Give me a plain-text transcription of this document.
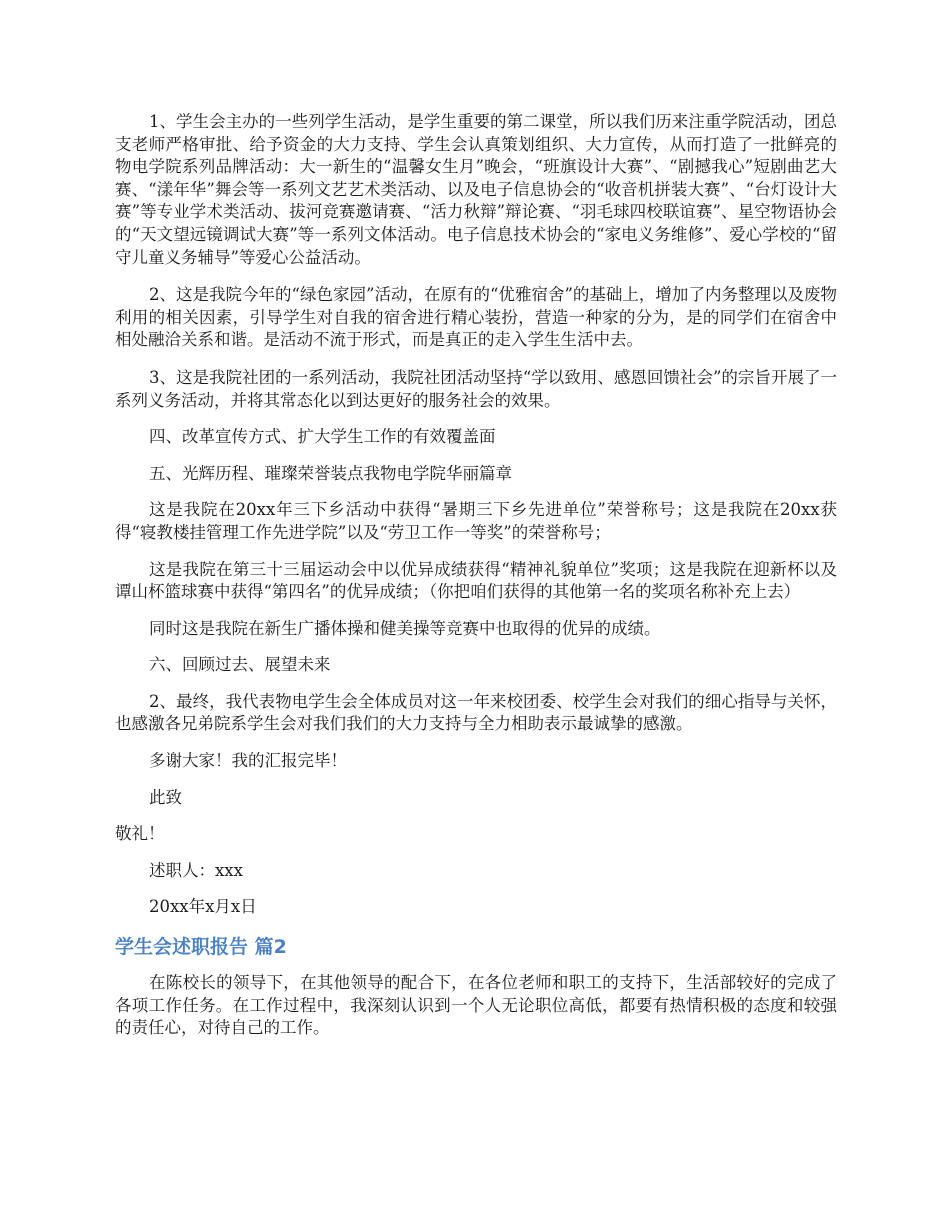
1、学生会主办的一些列学生活动，是学生重要的第二课堂，所以我们历来注重学院活动，团总支老师严格审批、给予资金的大力支持、学生会认真策划组织、大力宣传，从而打造了一批鲜亮的物电学院系列品牌活动：大一新生的“温馨女生月”晚会，“班旗设计大赛”、“剧撼我心”短剧曲艺大赛、“漾年华”舞会等一系列文艺艺术类活动、以及电子信息协会的“收音机拼装大赛”、“台灯设计大赛”等专业学术类活动、拔河竞赛邀请赛、“活力秋辩”辩论赛、“羽毛球四校联谊赛”、星空物语协会的“天文望远镜调试大赛”等一系列文体活动。电子信息技术协会的“家电义务维修”、爱心学校的“留守儿童义务辅导”等爱心公益活动。

2、这是我院今年的“绿色家园”活动，在原有的“优雅宿舍”的基础上，增加了内务整理以及废物利用的相关因素，引导学生对自我的宿舍进行精心装扮，营造一种家的分为，是的同学们在宿舍中相处融洽关系和谐。是活动不流于形式，而是真正的走入学生生活中去。

3、这是我院社团的一系列活动，我院社团活动坚持“学以致用、感恩回馈社会”的宗旨开展了一系列义务活动，并将其常态化以到达更好的服务社会的效果。

四、改革宣传方式、扩大学生工作的有效覆盖面

五、光辉历程、璀璨荣誉装点我物电学院华丽篇章

这是我院在20xx年三下乡活动中获得“暑期三下乡先进单位”荣誉称号；这是我院在20xx获得“寝教楼挂管理工作先进学院”以及“劳卫工作一等奖”的荣誉称号；

这是我院在第三十三届运动会中以优异成绩获得“精神礼貌单位”奖项；这是我院在迎新杯以及谭山杯篮球赛中获得“第四名”的优异成绩；（你把咱们获得的其他第一名的奖项名称补充上去）

同时这是我院在新生广播体操和健美操等竞赛中也取得的优异的成绩。

六、回顾过去、展望未来

2、最终，我代表物电学生会全体成员对这一年来校团委、校学生会对我们的细心指导与关怀，也感激各兄弟院系学生会对我们我们的大力支持与全力相助表示最诚挚的感激。

多谢大家！我的汇报完毕！

此致

敬礼！

述职人：xxx

20xx年x月x日

学生会述职报告 篇2

在陈校长的领导下，在其他领导的配合下，在各位老师和职工的支持下，生活部较好的完成了各项工作任务。在工作过程中，我深刻认识到一个人无论职位高低，都要有热情积极的态度和较强的责任心，对待自己的工作。
